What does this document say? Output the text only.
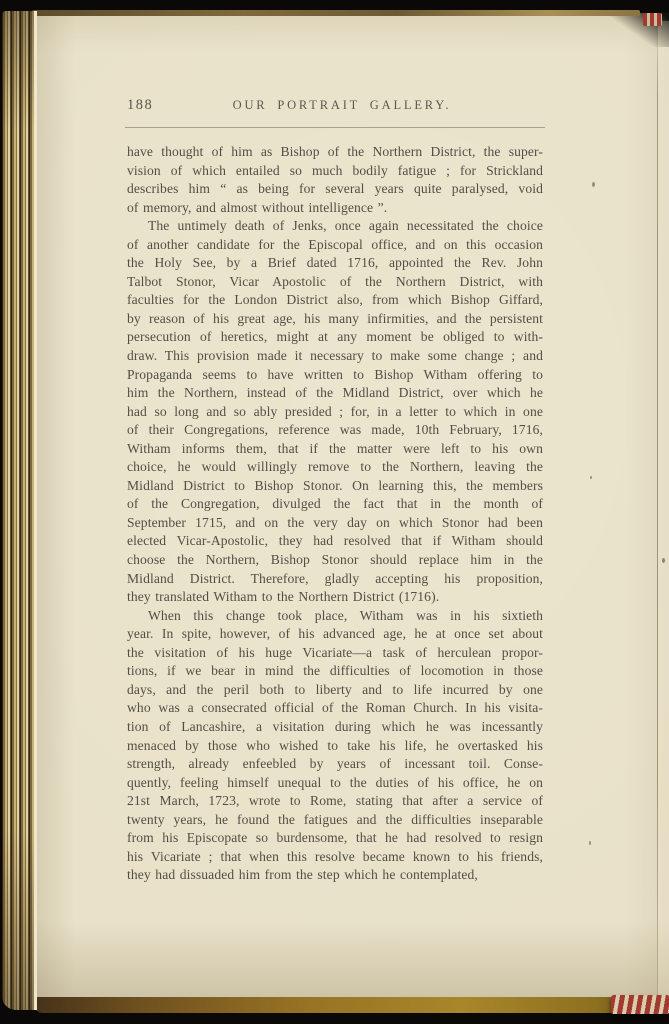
188	OUR PORTRAIT GALLERY.

have thought of him as Bishop of the Northern District, the super-
vision of which entailed so much bodily fatigue ; for Strickland
describes him “ as being for several years quite paralysed, void
of memory, and almost without intelligence ”.

The untimely death of Jenks, once again necessitated the choice
of another candidate for the Episcopal office, and on this occasion
the Holy See, by a Brief dated 1716, appointed the Rev. John
Talbot Stonor, Vicar Apostolic of the Northern District, with
faculties for the London District also, from which Bishop Giffard,
by reason of his great age, his many infirmities, and the persistent
persecution of heretics, might at any moment be obliged to with-
draw. This provision made it necessary to make some change ; and
Propaganda seems to have written to Bishop Witham offering to
him the Northern, instead of the Midland District, over which he
had so long and so ably presided ; for, in a letter to which in one
of their Congregations, reference was made, 10th February, 1716,
Witham informs them, that if the matter were left to his own
choice, he would willingly remove to the Northern, leaving the
Midland District to Bishop Stonor. On learning this, the members
of the Congregation, divulged the fact that in the month of
September 1715, and on the very day on which Stonor had been
elected Vicar-Apostolic, they had resolved that if Witham should
choose the Northern, Bishop Stonor should replace him in the
Midland District. Therefore, gladly accepting his proposition,
they translated Witham to the Northern District (1716).

When this change took place, Witham was in his sixtieth
year. In spite, however, of his advanced age, he at once set about
the visitation of his huge Vicariate—a task of herculean propor-
tions, if we bear in mind the difficulties of locomotion in those
days, and the peril both to liberty and to life incurred by one
who was a consecrated official of the Roman Church. In his visita-
tion of Lancashire, a visitation during which he was incessantly
menaced by those who wished to take his life, he overtasked his
strength, already enfeebled by years of incessant toil. Conse-
quently, feeling himself unequal to the duties of his office, he on
21st March, 1723, wrote to Rome, stating that after a service of
twenty years, he found the fatigues and the difficulties inseparable
from his Episcopate so burdensome, that he had resolved to resign
his Vicariate ; that when this resolve became known to his friends,
they had dissuaded him from the step which he contemplated,
